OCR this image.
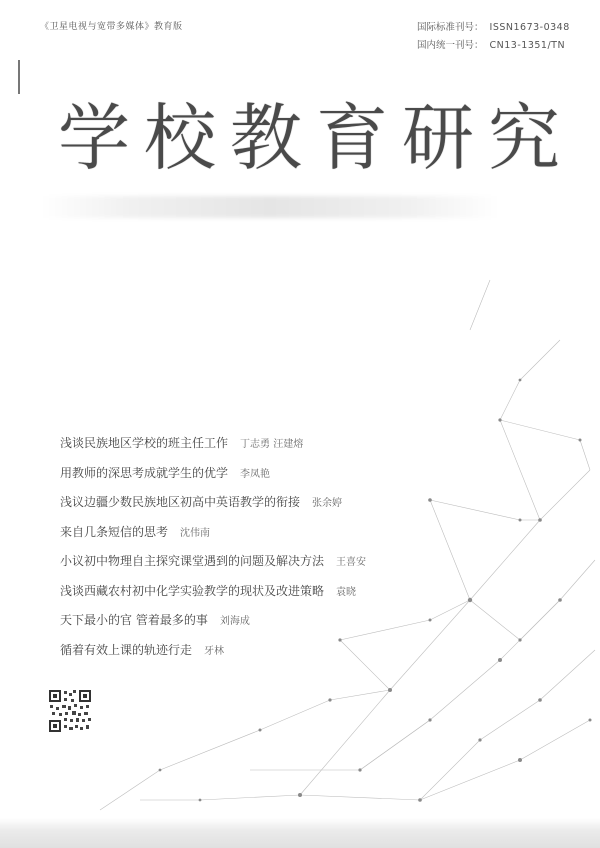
《卫星电视与宽带多媒体》教育版	国际标准刊号： ISSN1673-0348
国内统一刊号： CN13-1351/TN
学校教育研究
浅谈民族地区学校的班主任工作 丁志勇 汪建熔
用教师的深思考成就学生的优学 李凤艳
浅议边疆少数民族地区初高中英语教学的衔接 张余婷
来自几条短信的思考 沈伟南
小议初中物理自主探究课堂遇到的问题及解决方法 王喜安
浅谈西藏农村初中化学实验教学的现状及改进策略 袁晓
天下最小的官 管着最多的事 刘海成
循着有效上课的轨迹行走 牙林
